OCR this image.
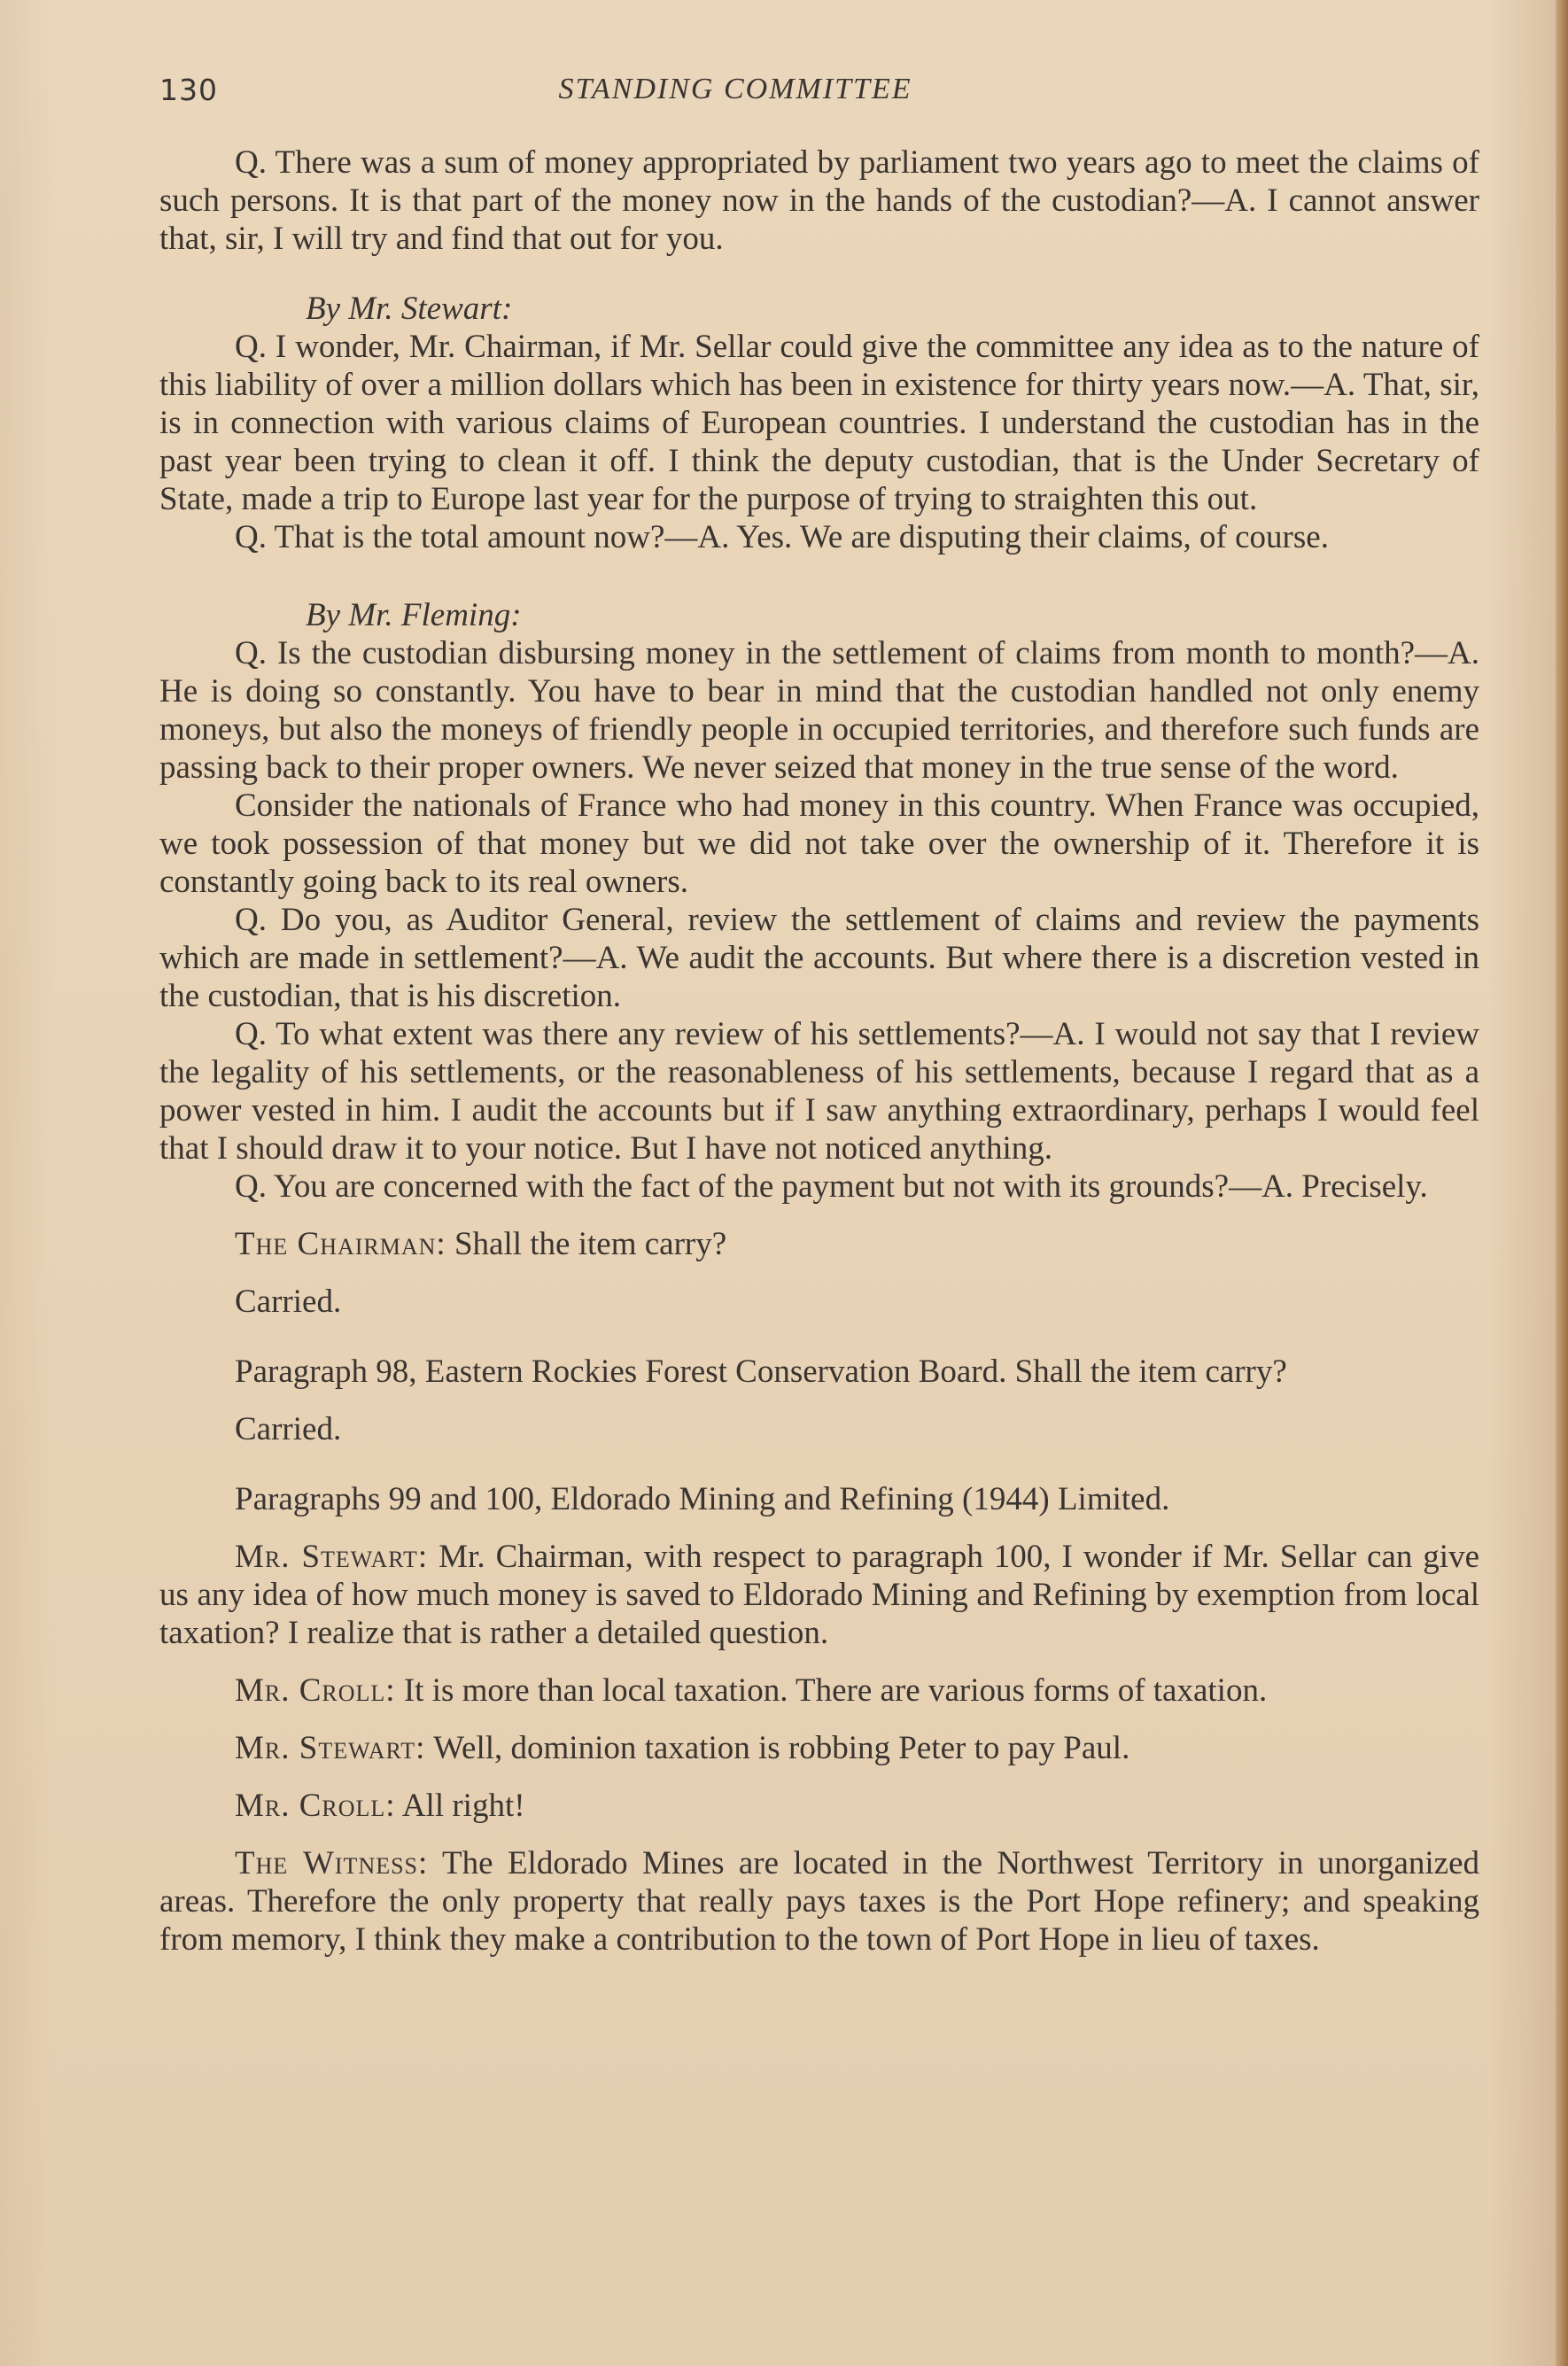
130	STANDING COMMITTEE

Q. There was a sum of money appropriated by parliament two years ago to meet the claims of such persons. It is that part of the money now in the hands of the custodian?—A. I cannot answer that, sir, I will try and find that out for you.

By Mr. Stewart:

Q. I wonder, Mr. Chairman, if Mr. Sellar could give the committee any idea as to the nature of this liability of over a million dollars which has been in existence for thirty years now.—A. That, sir, is in connection with various claims of European countries. I understand the custodian has in the past year been trying to clean it off. I think the deputy custodian, that is the Under Secretary of State, made a trip to Europe last year for the purpose of trying to straighten this out.

Q. That is the total amount now?—A. Yes. We are disputing their claims, of course.

By Mr. Fleming:

Q. Is the custodian disbursing money in the settlement of claims from month to month?—A. He is doing so constantly. You have to bear in mind that the custodian handled not only enemy moneys, but also the moneys of friendly people in occupied territories, and therefore such funds are passing back to their proper owners. We never seized that money in the true sense of the word.

Consider the nationals of France who had money in this country. When France was occupied, we took possession of that money but we did not take over the ownership of it. Therefore it is constantly going back to its real owners.

Q. Do you, as Auditor General, review the settlement of claims and review the payments which are made in settlement?—A. We audit the accounts. But where there is a discretion vested in the custodian, that is his discretion.

Q. To what extent was there any review of his settlements?—A. I would not say that I review the legality of his settlements, or the reasonableness of his settlements, because I regard that as a power vested in him. I audit the accounts but if I saw anything extraordinary, perhaps I would feel that I should draw it to your notice. But I have not noticed anything.

Q. You are concerned with the fact of the payment but not with its grounds?—A. Precisely.

The Chairman: Shall the item carry?

Carried.

Paragraph 98, Eastern Rockies Forest Conservation Board. Shall the item carry?

Carried.

Paragraphs 99 and 100, Eldorado Mining and Refining (1944) Limited.

Mr. Stewart: Mr. Chairman, with respect to paragraph 100, I wonder if Mr. Sellar can give us any idea of how much money is saved to Eldorado Mining and Refining by exemption from local taxation? I realize that is rather a detailed question.

Mr. Croll: It is more than local taxation. There are various forms of taxation.

Mr. Stewart: Well, dominion taxation is robbing Peter to pay Paul.

Mr. Croll: All right!

The Witness: The Eldorado Mines are located in the Northwest Territory in unorganized areas. Therefore the only property that really pays taxes is the Port Hope refinery; and speaking from memory, I think they make a contribution to the town of Port Hope in lieu of taxes.
